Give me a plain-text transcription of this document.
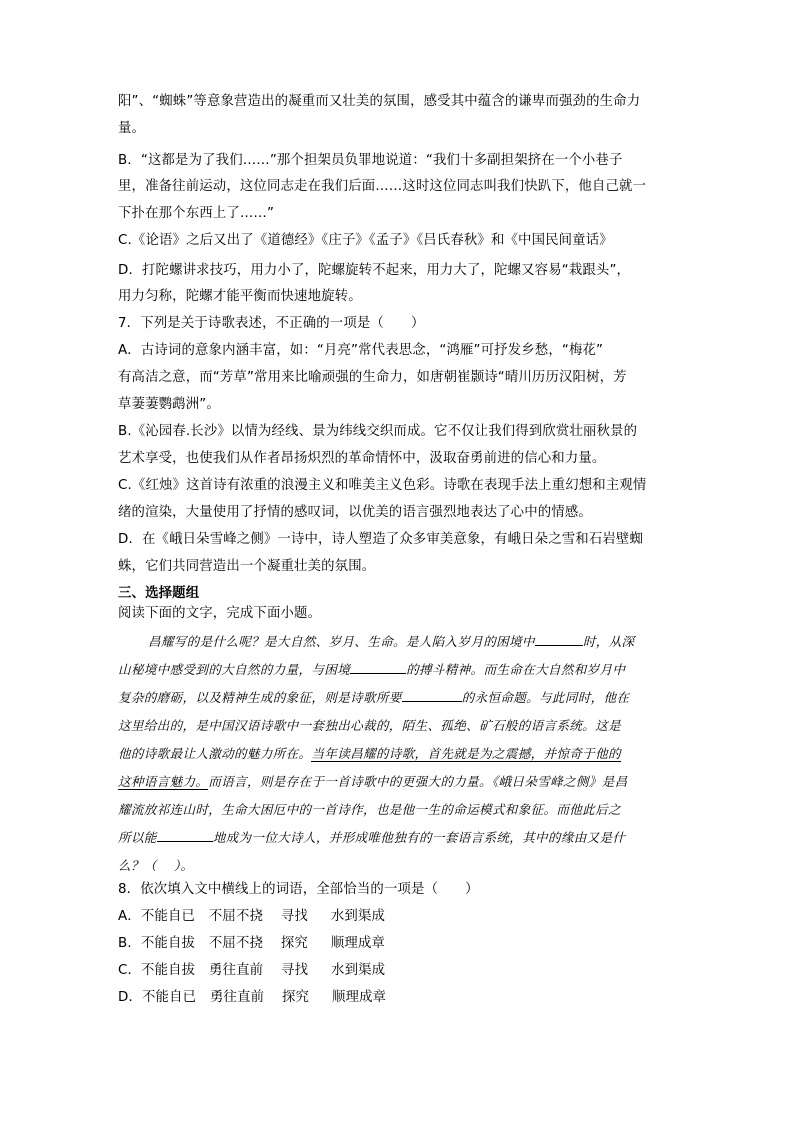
阳”、“蜘蛛”等意象营造出的凝重而又壮美的氛围，感受其中蕴含的谦卑而强劲的生命力
量。
B．“这都是为了我们……”那个担架员负罪地说道：“我们十多副担架挤在一个小巷子
里，准备往前运动，这位同志走在我们后面……这时这位同志叫我们快趴下，他自己就一
下扑在那个东西上了……”
C.《论语》之后又出了《道德经》《庄子》《孟子》《吕氏春秋》和《中国民间童话》
D．打陀螺讲求技巧，用力小了，陀螺旋转不起来，用力大了，陀螺又容易“栽跟头”，
用力匀称，陀螺才能平衡而快速地旋转。
7．下列是关于诗歌表述，不正确的一项是（　　）
A．古诗词的意象内涵丰富，如：“月亮”常代表思念，“鸿雁”可抒发乡愁，“梅花”
有高洁之意，而“芳草”常用来比喻顽强的生命力，如唐朝崔颢诗“晴川历历汉阳树，芳
草萋萋鹦鹉洲”。
B.《沁园春.长沙》以情为经线、景为纬线交织而成。它不仅让我们得到欣赏壮丽秋景的
艺术享受，也使我们从作者昂扬炽烈的革命情怀中，汲取奋勇前进的信心和力量。
C.《红烛》这首诗有浓重的浪漫主义和唯美主义色彩。诗歌在表现手法上重幻想和主观情
绪的渲染，大量使用了抒情的感叹词，以优美的语言强烈地表达了心中的情感。
D．在《峨日朵雪峰之侧》一诗中，诗人塑造了众多审美意象，有峨日朵之雪和石岩壁蜘
蛛，它们共同营造出一个凝重壮美的氛围。
三、选择题组
阅读下面的文字，完成下面小题。
昌耀写的是什么呢？是大自然、岁月、生命。是人陷入岁月的困境中	时，从深
山秘境中感受到的大自然的力量，与困境	的搏斗精神。而生命在大自然和岁月中
复杂的磨砺，以及精神生成的象征，则是诗歌所要	的永恒命题。与此同时，他在
这里给出的，是中国汉语诗歌中一套独出心裁的，陌生、孤绝、矿石般的语言系统。这是
他的诗歌最让人激动的魅力所在。当年读昌耀的诗歌，首先就是为之震撼，并惊奇于他的
这种语言魅力。而语言，则是存在于一首诗歌中的更强大的力量。《峨日朵雪峰之侧》是昌
耀流放祁连山时，生命大困厄中的一首诗作，也是他一生的命运模式和象征。而他此后之
所以能	地成为一位大诗人，并形成唯他独有的一套语言系统，其中的缘由又是什
么？（　 ）。
8．依次填入文中横线上的词语，全部恰当的一项是（　　）
A．不能自已 不屈不挠 寻找 水到渠成
B．不能自拔 不屈不挠 探究 顺理成章
C．不能自拔 勇往直前 寻找 水到渠成
D．不能自已 勇往直前 探究 顺理成章
